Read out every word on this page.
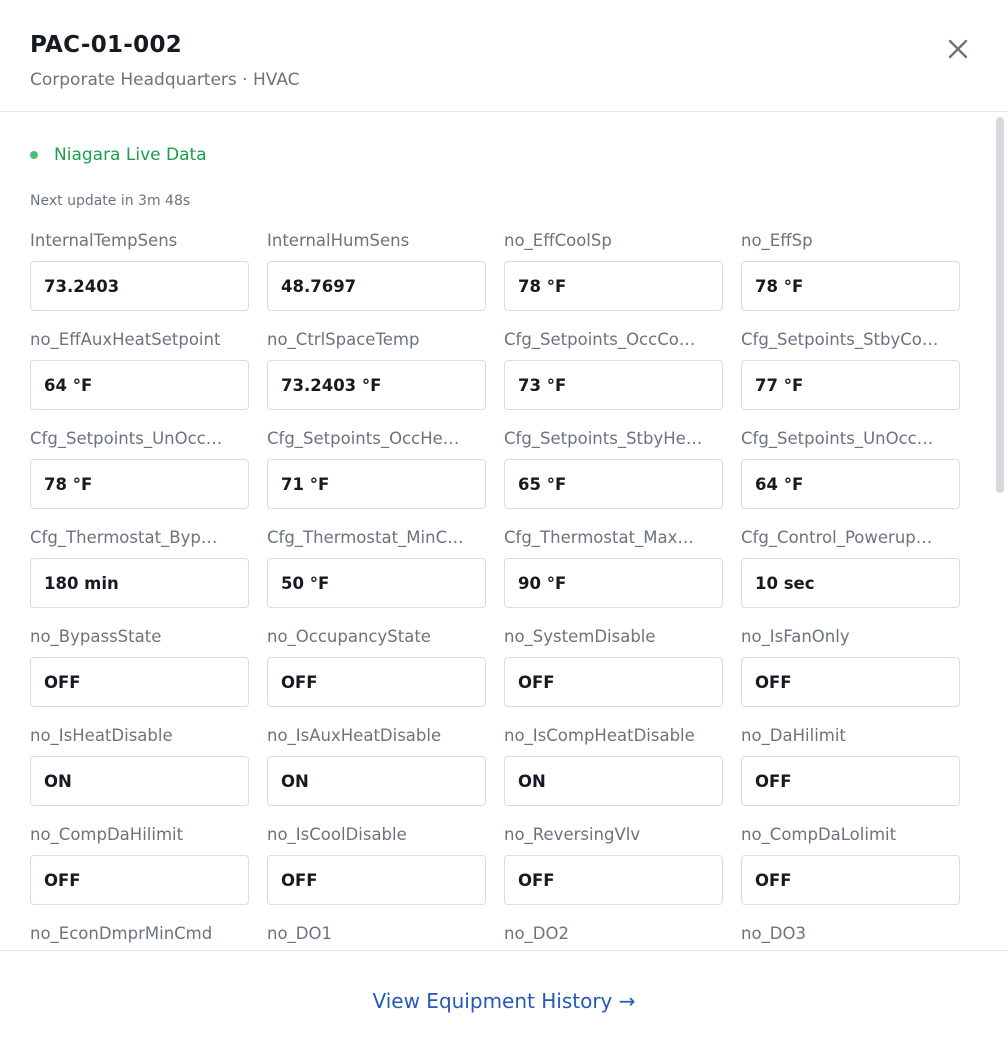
PAC-01-002
Corporate Headquarters · HVAC
Niagara Live Data
Next update in 3m 48s
InternalTempSens
73.2403
InternalHumSens
48.7697
no_EffCoolSp
78 °F
no_EffSp
78 °F
no_EffAuxHeatSetpoint
64 °F
no_CtrlSpaceTemp
73.2403 °F
Cfg_Setpoints_OccCo…
73 °F
Cfg_Setpoints_StbyCo…
77 °F
Cfg_Setpoints_UnOcc…
78 °F
Cfg_Setpoints_OccHe…
71 °F
Cfg_Setpoints_StbyHe…
65 °F
Cfg_Setpoints_UnOcc…
64 °F
Cfg_Thermostat_Byp…
180 min
Cfg_Thermostat_MinC…
50 °F
Cfg_Thermostat_Max…
90 °F
Cfg_Control_Powerup…
10 sec
no_BypassState
OFF
no_OccupancyState
OFF
no_SystemDisable
OFF
no_IsFanOnly
OFF
no_IsHeatDisable
ON
no_IsAuxHeatDisable
ON
no_IsCompHeatDisable
ON
no_DaHilimit
OFF
no_CompDaHilimit
OFF
no_IsCoolDisable
OFF
no_ReversingVlv
OFF
no_CompDaLolimit
OFF
no_EconDmprMinCmd	no_DO1	no_DO2	no_DO3
View Equipment History →
